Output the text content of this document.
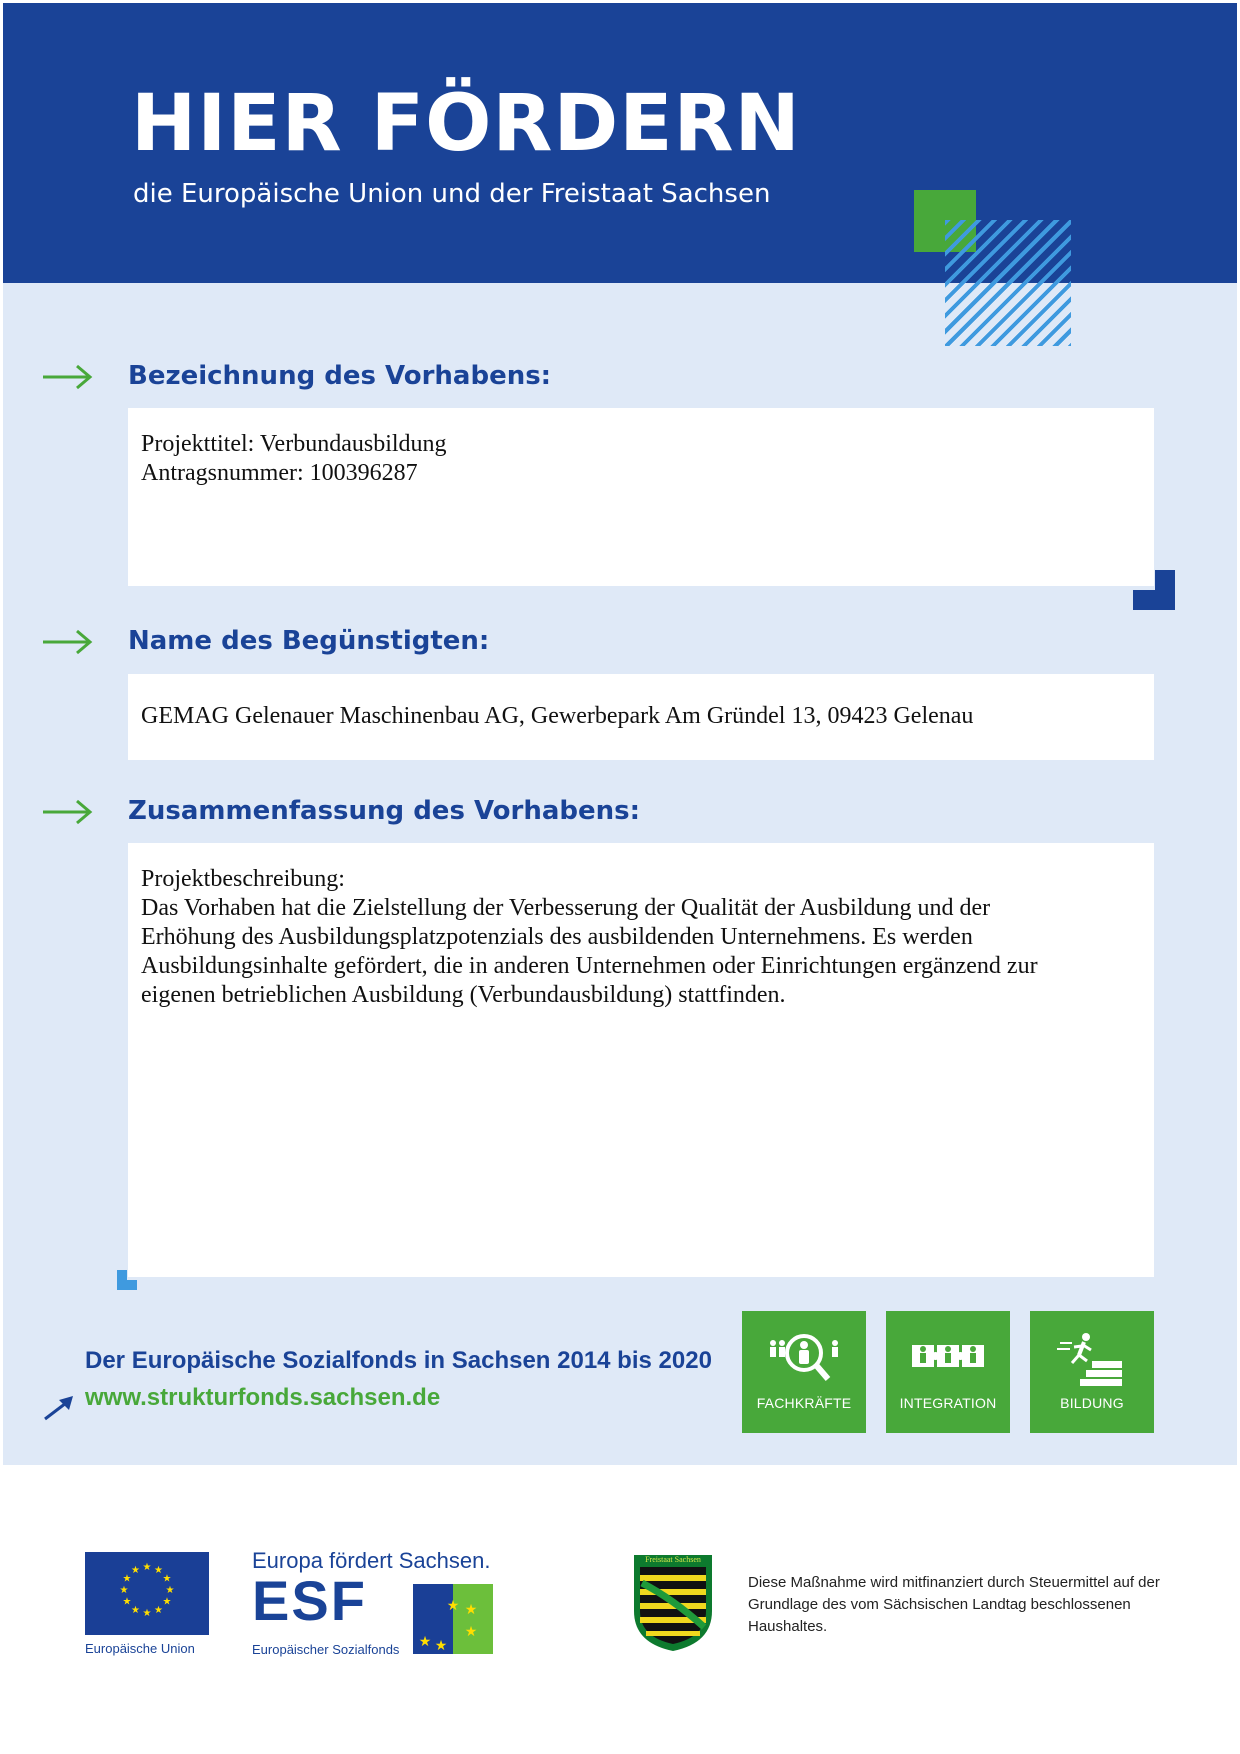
HIER FÖRDERN
die Europäische Union und der Freistaat Sachsen
Bezeichnung des Vorhabens:
Projekttitel: Verbundausbildung
Antragsnummer: 100396287
Name des Begünstigten:
GEMAG Gelenauer Maschinenbau AG, Gewerbepark Am Gründel 13, 09423 Gelenau
Zusammenfassung des Vorhabens:
Projektbeschreibung:
Das Vorhaben hat die Zielstellung der Verbesserung der Qualität der Ausbildung und der
Erhöhung des Ausbildungsplatzpotenzials des ausbildenden Unternehmens. Es werden
Ausbildungsinhalte gefördert, die in anderen Unternehmen oder Einrichtungen ergänzend zur
eigenen betrieblichen Ausbildung (Verbundausbildung) stattfinden.
Der Europäische Sozialfonds in Sachsen 2014 bis 2020
www.strukturfonds.sachsen.de	FACHKRÄFTE	INTEGRATION	BILDUNG
★ ★
★
★
★
★
★
★
★
★
★
★
Europäische Union
Europa fördert Sachsen.
ESF
★ ★
★ ★
★
Europäischer Sozialfonds
Freistaat Sachsen
Diese Maßnahme wird mitfinanziert durch Steuermittel auf der Grundlage des vom Sächsischen Landtag beschlossenen Haushaltes.
